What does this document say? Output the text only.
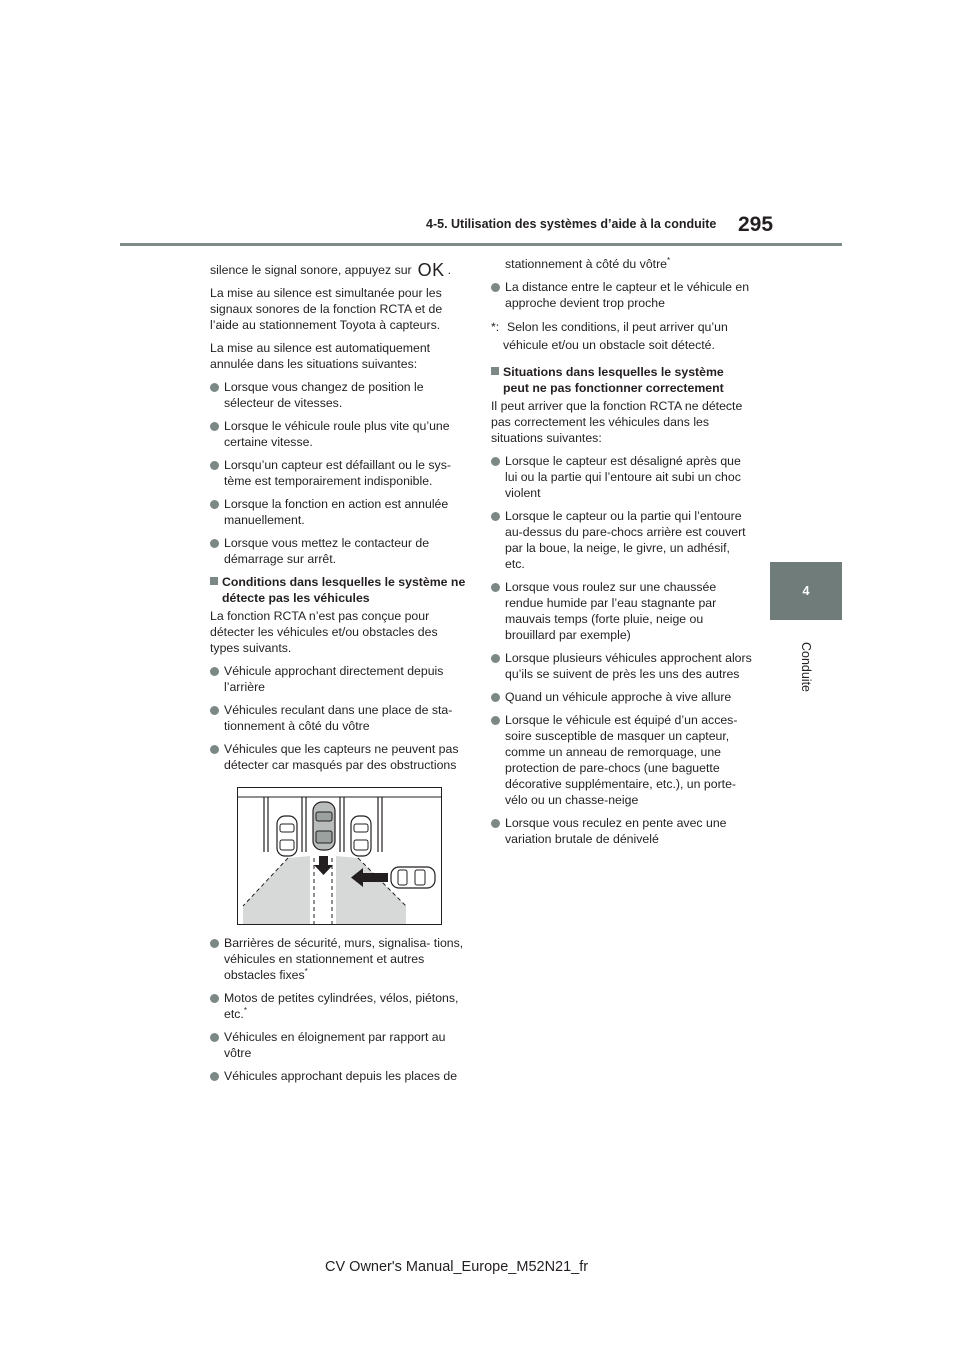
4-5. Utilisation des systèmes d’aide à la conduite 295
4
Conduite

silence le signal sonore, appuyez sur OK .

La mise au silence est simultanée pour les signaux sonores de la fonction RCTA et de l’aide au stationnement Toyota à capteurs.

La mise au silence est automatiquement annulée dans les situations suivantes:

Lorsque vous changez de position le sélecteur de vitesses.
Lorsque le véhicule roule plus vite qu’une certaine vitesse.
Lorsqu’un capteur est défaillant ou le sys- tème est temporairement indisponible.
Lorsque la fonction en action est annulée manuellement.
Lorsque vous mettez le contacteur de démarrage sur arrêt.
Conditions dans lesquelles le système ne détecte pas les véhicules

La fonction RCTA n’est pas conçue pour détecter les véhicules et/ou obstacles des types suivants.

Véhicule approchant directement depuis l’arrière
Véhicules reculant dans une place de sta- tionnement à côté du vôtre
Véhicules que les capteurs ne peuvent pas détecter car masqués par des obstructions
Barrières de sécurité, murs, signalisa- tions, véhicules en stationnement et autres obstacles fixes*
Motos de petites cylindrées, vélos, piétons, etc.*
Véhicules en éloignement par rapport au vôtre
Véhicules approchant depuis les places de

stationnement à côté du vôtre*

La distance entre le capteur et le véhicule en approche devient trop proche
*: Selon les conditions, il peut arriver qu’un véhicule et/ou un obstacle soit détecté.
Situations dans lesquelles le système peut ne pas fonctionner correctement

Il peut arriver que la fonction RCTA ne détecte pas correctement les véhicules dans les situations suivantes:

Lorsque le capteur est désaligné après que lui ou la partie qui l’entoure ait subi un choc violent
Lorsque le capteur ou la partie qui l’entoure au-dessus du pare-chocs arrière est couvert par la boue, la neige, le givre, un adhésif, etc.
Lorsque vous roulez sur une chaussée rendue humide par l’eau stagnante par mauvais temps (forte pluie, neige ou brouillard par exemple)
Lorsque plusieurs véhicules approchent alors qu’ils se suivent de près les uns des autres
Quand un véhicule approche à vive allure
Lorsque le véhicule est équipé d’un acces- soire susceptible de masquer un capteur, comme un anneau de remorquage, une protection de pare-chocs (une baguette décorative supplémentaire, etc.), un porte- vélo ou un chasse-neige
Lorsque vous reculez en pente avec une variation brutale de dénivelé
CV Owner's Manual_Europe_M52N21_fr
